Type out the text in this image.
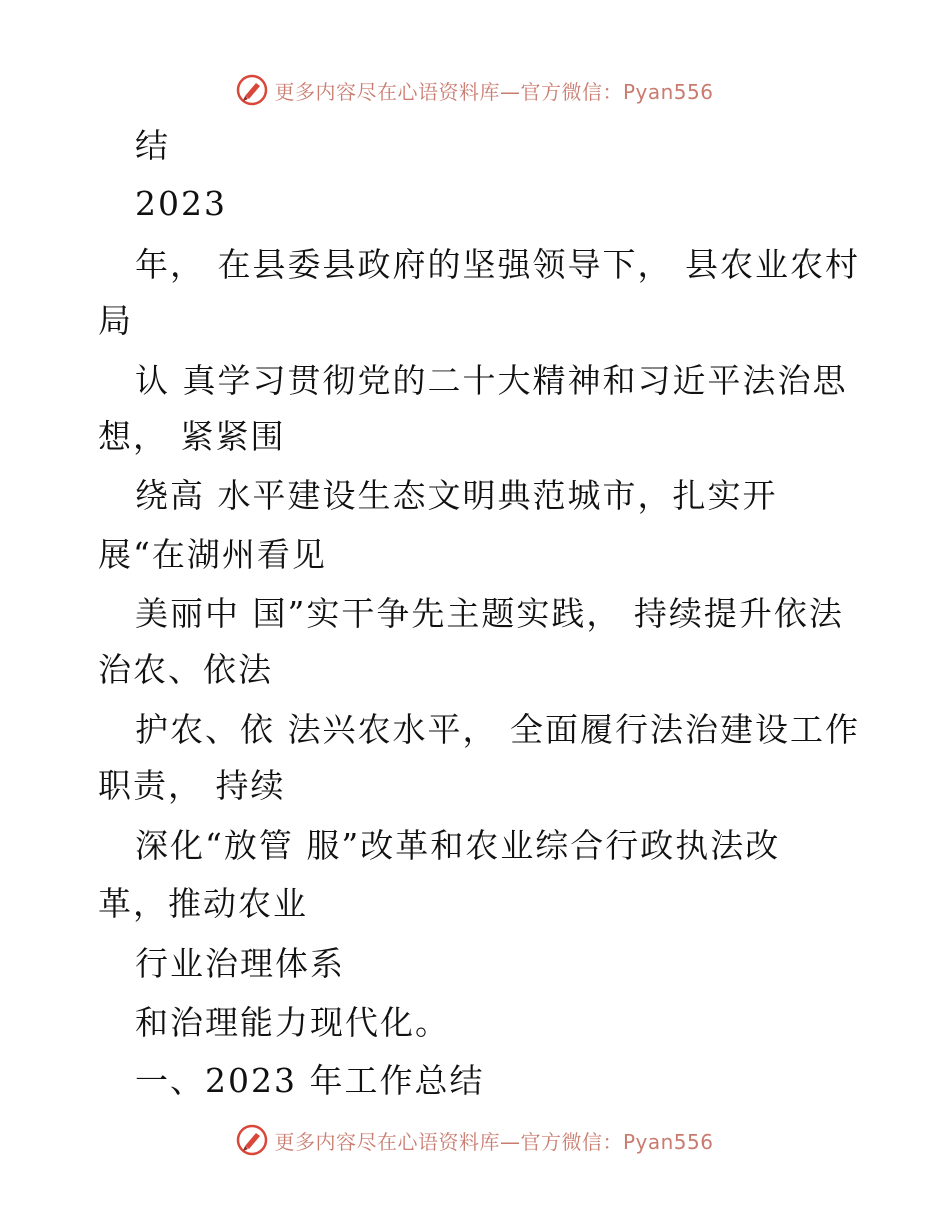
更多内容尽在心语资料库—官方微信：Pyan556
结
2023
年， 在县委县政府的坚强领导下， 县农业农村
局
认 真学习贯彻党的二十大精神和习近平法治思
想， 紧紧围
绕高 水平建设生态文明典范城市，扎实开
展“在湖州看见
美丽中 国”实干争先主题实践， 持续提升依法
治农、依法
护农、依 法兴农水平， 全面履行法治建设工作
职责， 持续
深化“放管 服”改革和农业综合行政执法改
革，推动农业
行业治理体系
和治理能力现代化。
一、2023 年工作总结
更多内容尽在心语资料库—官方微信：Pyan556
